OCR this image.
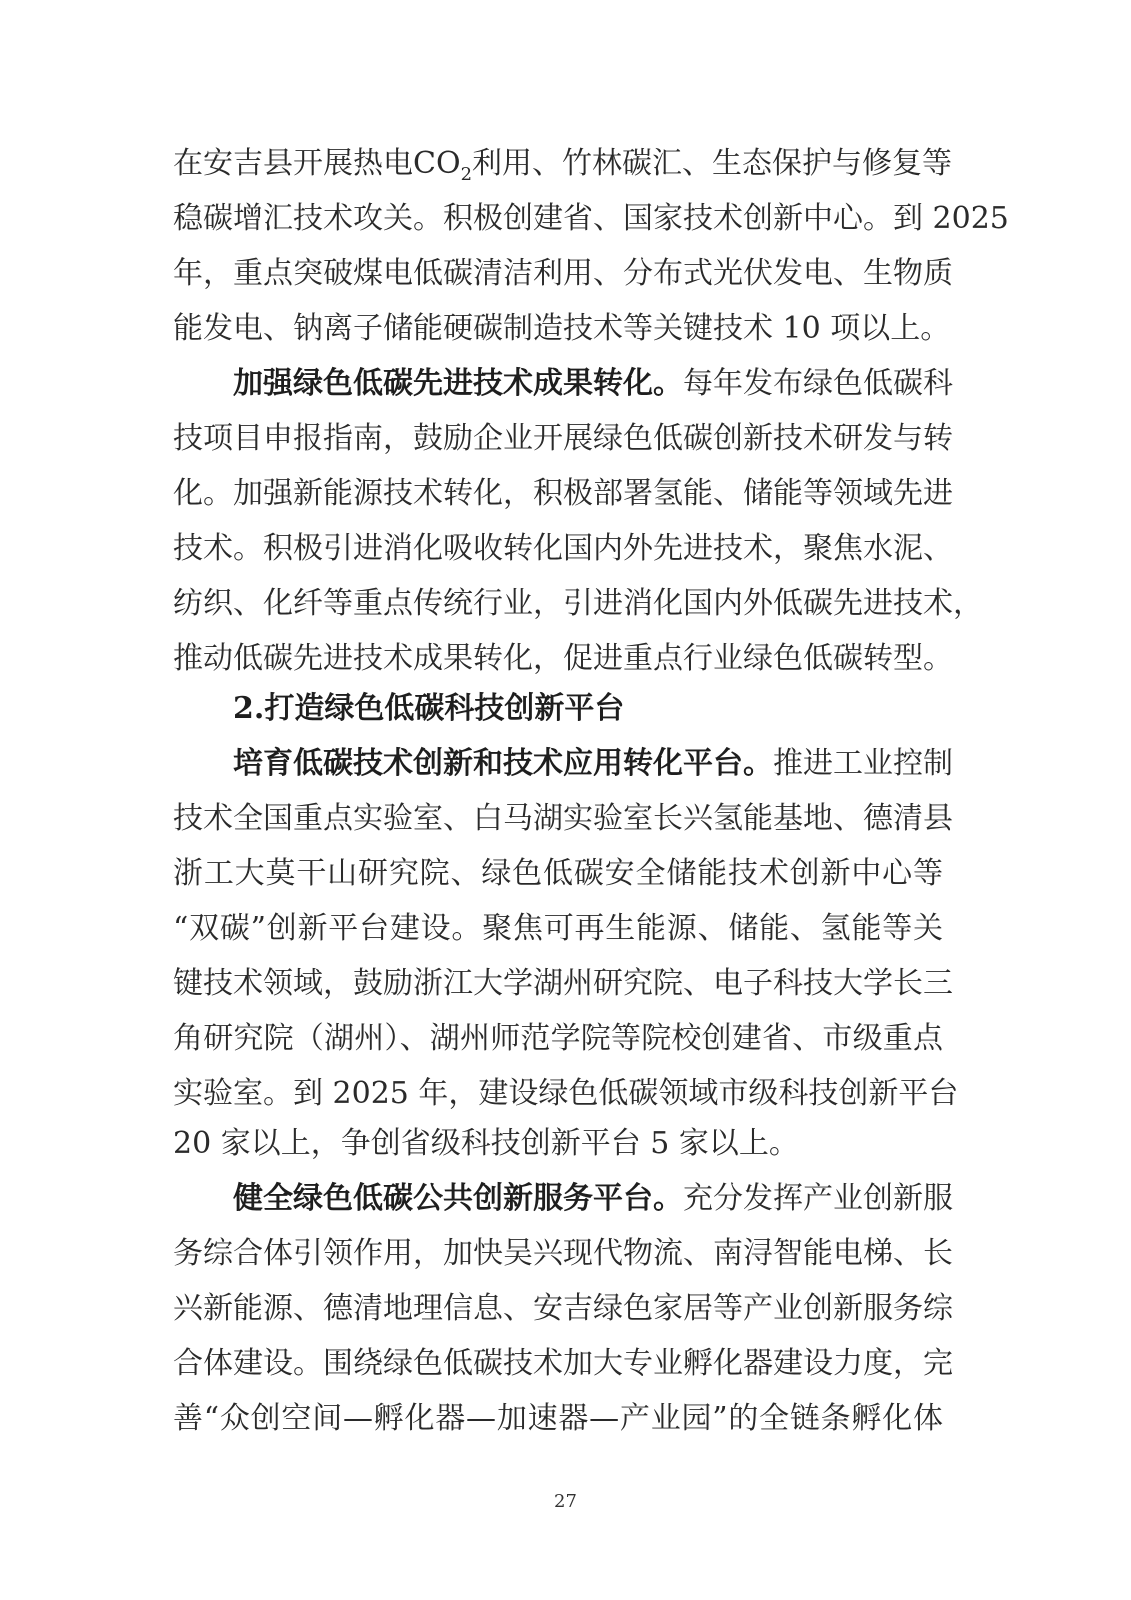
在安吉县开展热电$CO_2$利用、竹林碳汇、生态保护与修复等
稳碳增汇技术攻关。积极创建省、国家技术创新中心。到 2025
年，重点突破煤电低碳清洁利用、分布式光伏发电、生物质
能发电、钠离子储能硬碳制造技术等关键技术 10 项以上。
加强绿色低碳先进技术成果转化。每年发布绿色低碳科
技项目申报指南，鼓励企业开展绿色低碳创新技术研发与转
化。加强新能源技术转化，积极部署氢能、储能等领域先进
技术。积极引进消化吸收转化国内外先进技术，聚焦水泥、
纺织、化纤等重点传统行业，引进消化国内外低碳先进技术，
推动低碳先进技术成果转化，促进重点行业绿色低碳转型。
2.打造绿色低碳科技创新平台
培育低碳技术创新和技术应用转化平台。推进工业控制
技术全国重点实验室、白马湖实验室长兴氢能基地、德清县
浙工大莫干山研究院、绿色低碳安全储能技术创新中心等
“双碳”创新平台建设。聚焦可再生能源、储能、氢能等关
键技术领域，鼓励浙江大学湖州研究院、电子科技大学长三
角研究院（湖州）、湖州师范学院等院校创建省、市级重点
实验室。到 2025 年，建设绿色低碳领域市级科技创新平台
20 家以上，争创省级科技创新平台 5 家以上。
健全绿色低碳公共创新服务平台。充分发挥产业创新服
务综合体引领作用，加快吴兴现代物流、南浔智能电梯、长
兴新能源、德清地理信息、安吉绿色家居等产业创新服务综
合体建设。围绕绿色低碳技术加大专业孵化器建设力度，完
善“众创空间—孵化器—加速器—产业园”的全链条孵化体
27
